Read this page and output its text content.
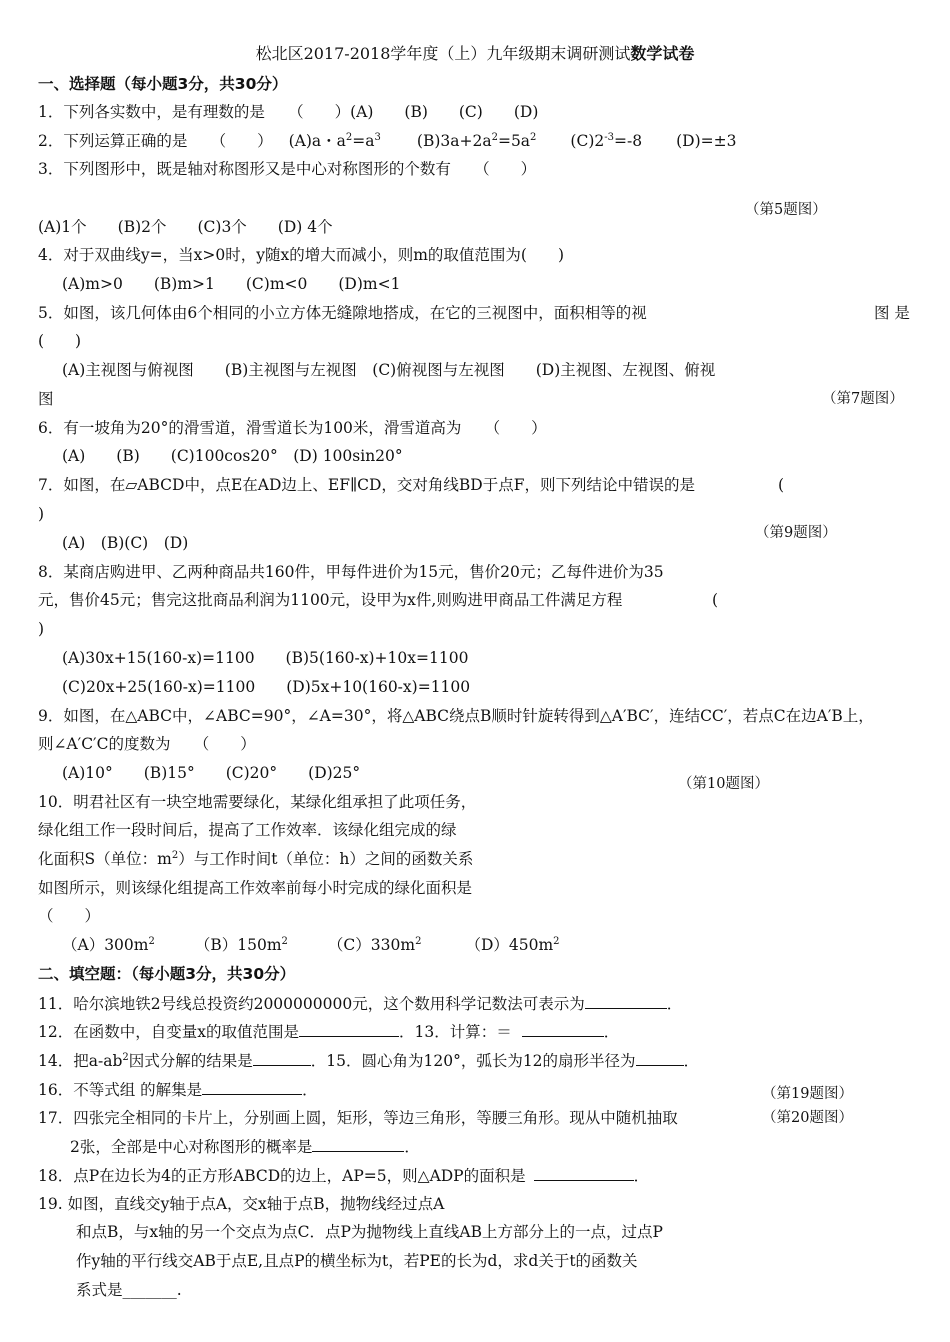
松北区2017-2018学年度（上）九年级期末调研测试数学试卷
一、选择题（每小题3分，共30分）
1．下列各实数中，是有理数的是　　（　　）(A)　　(B)　　(C)　　(D)
2．下列运算正确的是　　（　　） (A)a・$a^2=a^3$ $(B)3a+2a^2=5a^2$ $(C)2^{-3}=-8$ (D)=±3
3．下列图形中，既是轴对称图形又是中心对称图形的个数有　　（　　）
（第5题图）
(A)1个　　(B)2个　　(C)3个　　(D) 4个
4．对于双曲线y=，当x>0时，y随x的增大而减小，则m的取值范围为(　　)
(A)m>0　　(B)m>1　　(C)m<0　　(D)m<1
5．如图，该几何体由6个相同的小立方体无缝隙地搭成，在它的三视图中，面积相等的视	图 是
(　　)
(A)主视图与俯视图　　(B)主视图与左视图　(C)俯视图与左视图　　(D)主视图、左视图、俯视
图	（第7题图）
6．有一坡角为20°的滑雪道，滑雪道长为100米，滑雪道高为　　（　　）
(A)　　(B)　　(C)100cos20°　(D) 100sin20°
7．如图，在▱ABCD中，点E在AD边上、EF∥CD，交对角线BD于点F，则下列结论中错误的是	(
)
（第9题图）
(A)　(B)(C)　(D)
8．某商店购进甲、乙两种商品共160件，甲每件进价为15元，售价20元；乙每件进价为35
元，售价45元；售完这批商品利润为1100元，设甲为x件,则购进甲商品工件满足方程	(
)
(A)30x+15(160-x)=1100　　(B)5(160-x)+10x=1100
(C)20x+25(160-x)=1100　　(D)5x+10(160-x)=1100
9．如图，在△ABC中，∠ABC=90°，∠A=30°，将△ABC绕点B顺时针旋转得到△A′BC′，连结CC′，若点C在边A′B上，
则∠A′C′C的度数为　　（　　）
(A)10°　　(B)15°　　(C)20°　　(D)25°
（第10题图）
10．明君社区有一块空地需要绿化，某绿化组承担了此项任务，
绿化组工作一段时间后，提高了工作效率．该绿化组完成的绿
化面积S（单位：$m^2$）与工作时间t（单位：h）之间的函数关系
如图所示，则该绿化组提高工作效率前每小时完成的绿化面积是
（　　）
$(A)300m^2$	$(B)150m^2$	$(C)330m^2$	$(D)450m^2$
二、填空题：（每小题3分，共30分）
11．哈尔滨地铁2号线总投资约2000000000元，这个数用科学记数法可表示为	．
12．在函数中，自变量x的取值范围是	．13．计算：＝	．
14．把$a-ab^2$因式分解的结果是	．15．圆心角为120°，弧长为12的扇形半径为	．
16．不等式组 的解集是	．	（第19题图）
17．四张完全相同的卡片上，分别画上圆，矩形，等边三角形，等腰三角形。现从中随机抽取	（第20题图）
2张，全部是中心对称图形的概率是	．
18．点P在边长为4的正方形ABCD的边上，AP=5，则△ADP的面积是	．
19. 如图，直线交y轴于点A，交x轴于点B，抛物线经过点A
和点B，与x轴的另一个交点为点C．点P为抛物线上直线AB上方部分上的一点，过点P
作y轴的平行线交AB于点E,且点P的横坐标为t，若PE的长为d，求d关于t的函数关
系式是_______.
